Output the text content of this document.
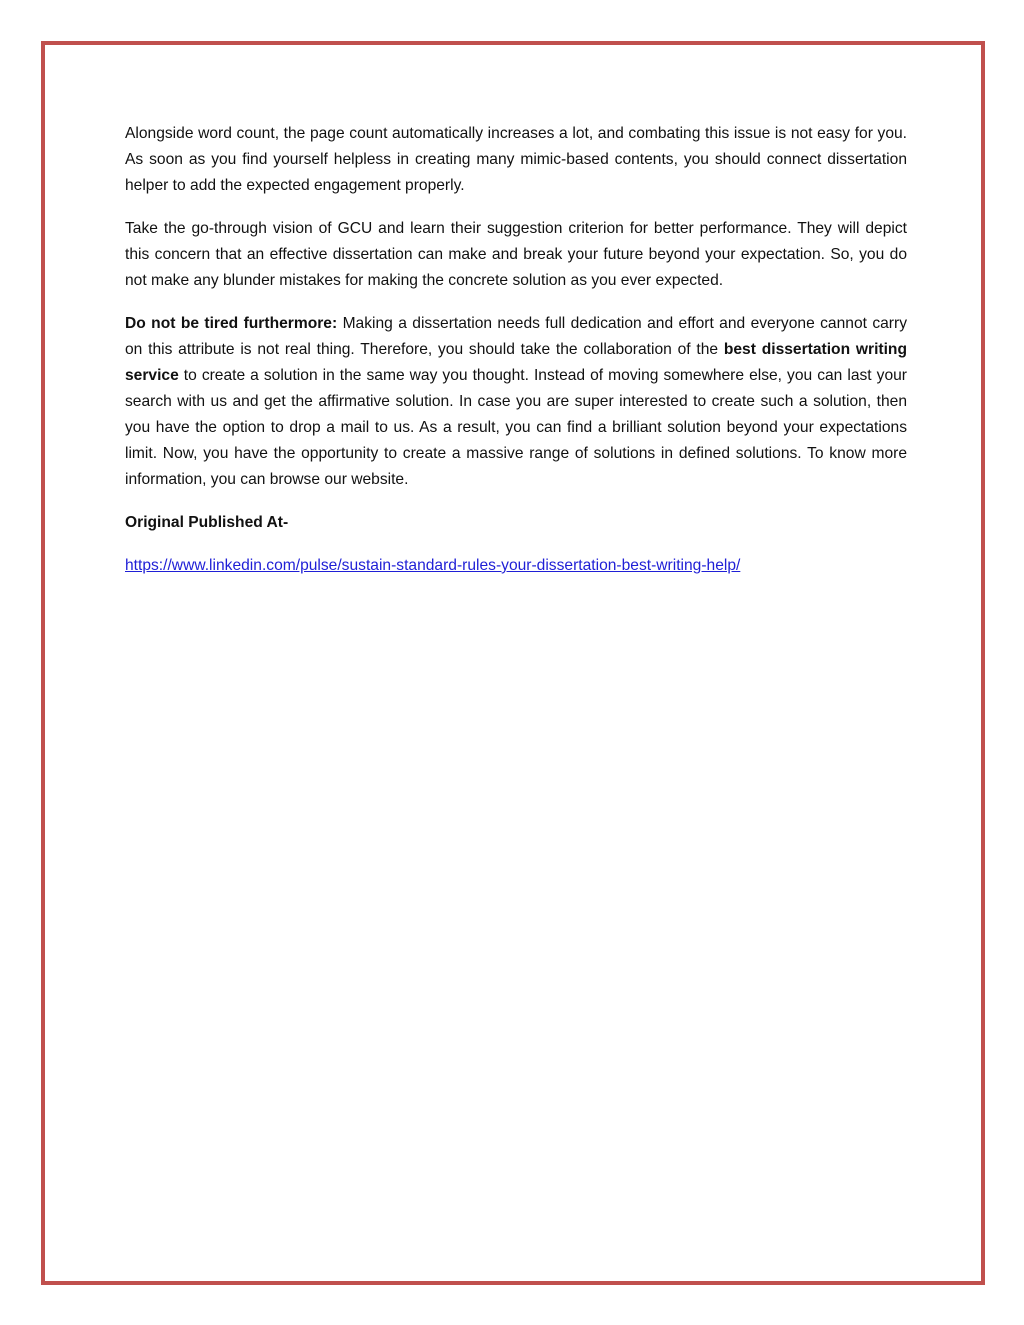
Alongside word count, the page count automatically increases a lot, and combating this issue is not easy for you. As soon as you find yourself helpless in creating many mimic-based contents, you should connect dissertation helper to add the expected engagement properly.

Take the go-through vision of GCU and learn their suggestion criterion for better performance. They will depict this concern that an effective dissertation can make and break your future beyond your expectation. So, you do not make any blunder mistakes for making the concrete solution as you ever expected.

Do not be tired furthermore: Making a dissertation needs full dedication and effort and everyone cannot carry on this attribute is not real thing. Therefore, you should take the collaboration of the best dissertation writing service to create a solution in the same way you thought. Instead of moving somewhere else, you can last your search with us and get the affirmative solution. In case you are super interested to create such a solution, then you have the option to drop a mail to us. As a result, you can find a brilliant solution beyond your expectations limit. Now, you have the opportunity to create a massive range of solutions in defined solutions. To know more information, you can browse our website.

Original Published At-

https://www.linkedin.com/pulse/sustain-standard-rules-your-dissertation-best-writing-help/
